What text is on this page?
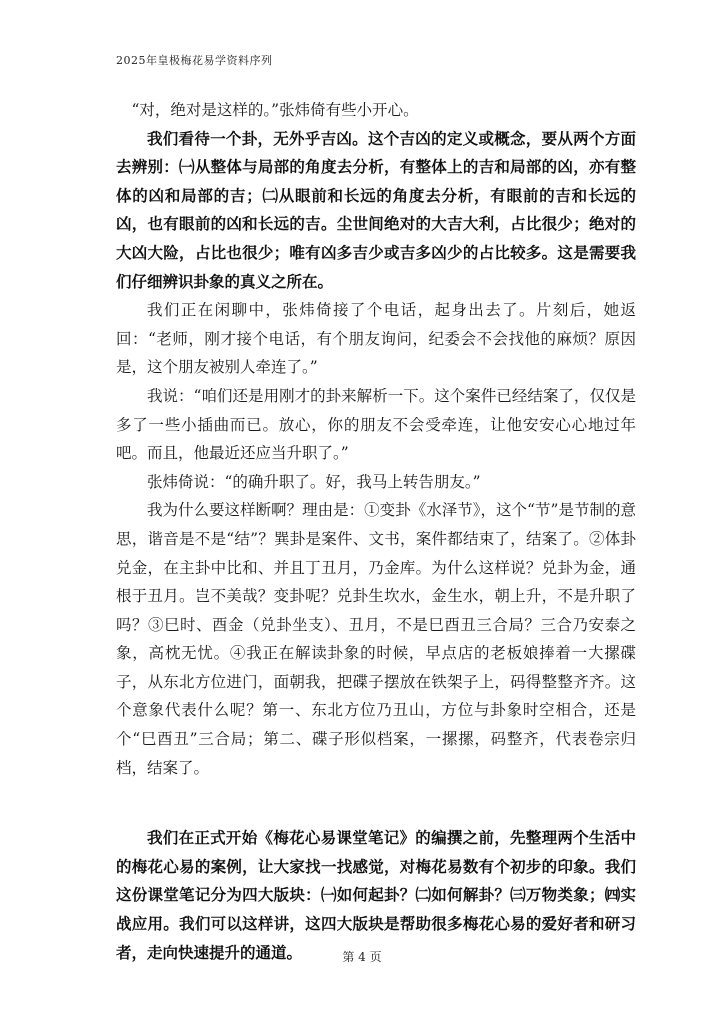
2025年皇极梅花易学资料序列

“对，绝对是这样的。”张炜倚有些小开心。

我们看待一个卦，无外乎吉凶。这个吉凶的定义或概念，要从两个方面去辨别：㈠从整体与局部的角度去分析，有整体上的吉和局部的凶，亦有整体的凶和局部的吉；㈡从眼前和长远的角度去分析，有眼前的吉和长远的凶，也有眼前的凶和长远的吉。尘世间绝对的大吉大利，占比很少；绝对的大凶大险，占比也很少；唯有凶多吉少或吉多凶少的占比较多。这是需要我们仔细辨识卦象的真义之所在。

我们正在闲聊中，张炜倚接了个电话，起身出去了。片刻后，她返回：“老师，刚才接个电话，有个朋友询问，纪委会不会找他的麻烦？原因是，这个朋友被别人牵连了。”

我说：“咱们还是用刚才的卦来解析一下。这个案件已经结案了，仅仅是多了一些小插曲而已。放心，你的朋友不会受牵连，让他安安心心地过年吧。而且，他最近还应当升职了。”

张炜倚说：“的确升职了。好，我马上转告朋友。”

我为什么要这样断啊？理由是：①变卦《水泽节》，这个“节”是节制的意思，谐音是不是“结”？巽卦是案件、文书，案件都结束了，结案了。②体卦兑金，在主卦中比和、并且丁丑月，乃金库。为什么这样说？兑卦为金，通根于丑月。岂不美哉？变卦呢？兑卦生坎水，金生水，朝上升，不是升职了吗？③巳时、酉金（兑卦坐支）、丑月，不是巳酉丑三合局？三合乃安泰之象，高枕无忧。④我正在解读卦象的时候，早点店的老板娘捧着一大摞碟子，从东北方位进门，面朝我，把碟子摆放在铁架子上，码得整整齐齐。这个意象代表什么呢？第一、东北方位乃丑山，方位与卦象时空相合，还是个“巳酉丑”三合局；第二、碟子形似档案，一摞摞，码整齐，代表卷宗归档，结案了。

我们在正式开始《梅花心易课堂笔记》的编撰之前，先整理两个生活中的梅花心易的案例，让大家找一找感觉，对梅花易数有个初步的印象。我们这份课堂笔记分为四大版块：㈠如何起卦？㈡如何解卦？㈢万物类象；㈣实战应用。我们可以这样讲，这四大版块是帮助很多梅花心易的爱好者和研习者，走向快速提升的通道。	第 4 页
